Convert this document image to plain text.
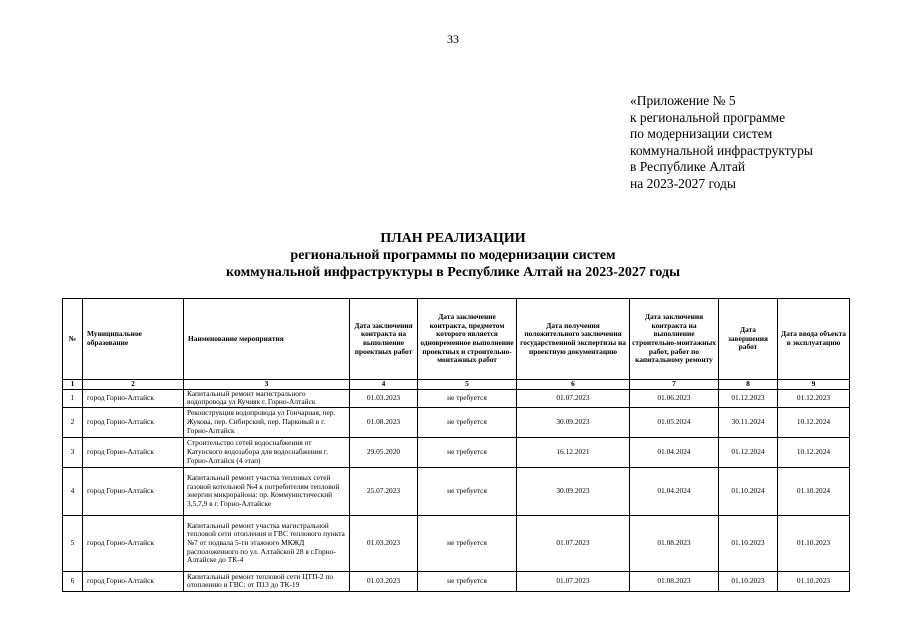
33
«Приложение № 5
к региональной программе
по модернизации систем
коммунальной инфраструктуры
в Республике Алтай
на 2023-2027 годы
ПЛАН РЕАЛИЗАЦИИ
региональной программы по модернизации систем
коммунальной инфраструктуры в Республике Алтай на 2023-2027 годы
№	Муниципальное образование	Наименование мероприятия	Дата заключения контракта на выполнение проектных работ	Дата заключение контракта, предметом которого является одновременное выполнение проектных и строительно-монтажных работ	Дата получения положительного заключения государственной экспертизы на проектную документацию	Дата заключения контракта на выполнение строительно-монтажных работ, работ по капитальному ремонту	Дата завершения работ	Дата ввода объекта в эксплуатацию
1	2	3	4	5	6	7	8	9
1	город Горно-Алтайск	Капитальный ремонт магистрального водопровода ул Кучияк г. Горно-Алтайск	01.03.2023	не требуется	01.07.2023	01.06.2023	01.12.2023	01.12.2023
2	город Горно-Алтайск	Реконструкция водопровода ул Гончарная, пер. Жукова, пер. Сибирский, пер. Парковый в г. Горно-Алтайск	01.08.2023	не требуется	30.09.2023	01.05.2024	30.11.2024	10.12.2024
3	город Горно-Алтайск	Строительство сетей водоснабжения от Катунского водозабора для водоснабжения г. Горно-Алтайск (4 этап)	29.05.2020	не требуется	16.12.2021	01.04.2024	01.12.2024	10.12.2024
4	город Горно-Алтайск	Капитальный ремонт участка тепловых сетей газовой котельной №4 к потребителям тепловой энергии микрорайона: пр. Коммунистический 3,5,7,9 в г. Горно-Алтайске	25.07.2023	не требуется	30.09.2023	01.04.2024	01.10.2024	01.10.2024
5	город Горно-Алтайск	Капитальный ремонт участка магистральной тепловой сети отопления и ГВС теплового пункта №7 от подвала 5-ти этажного МКЖД расположенного по ул. Алтайской 28 в г.Горно-Алтайске до ТК-4	01.03.2023	не требуется	01.07.2023	01.08.2023	01.10.2023	01.10.2023
6	город Горно-Алтайск	Капитальный ремонт тепловой сети ЦТП-2 по отоплению и ГВС: от П13 до ТК-19	01.03.2023	не требуется	01.07.2023	01.08.2023	01.10.2023	01.10.2023
